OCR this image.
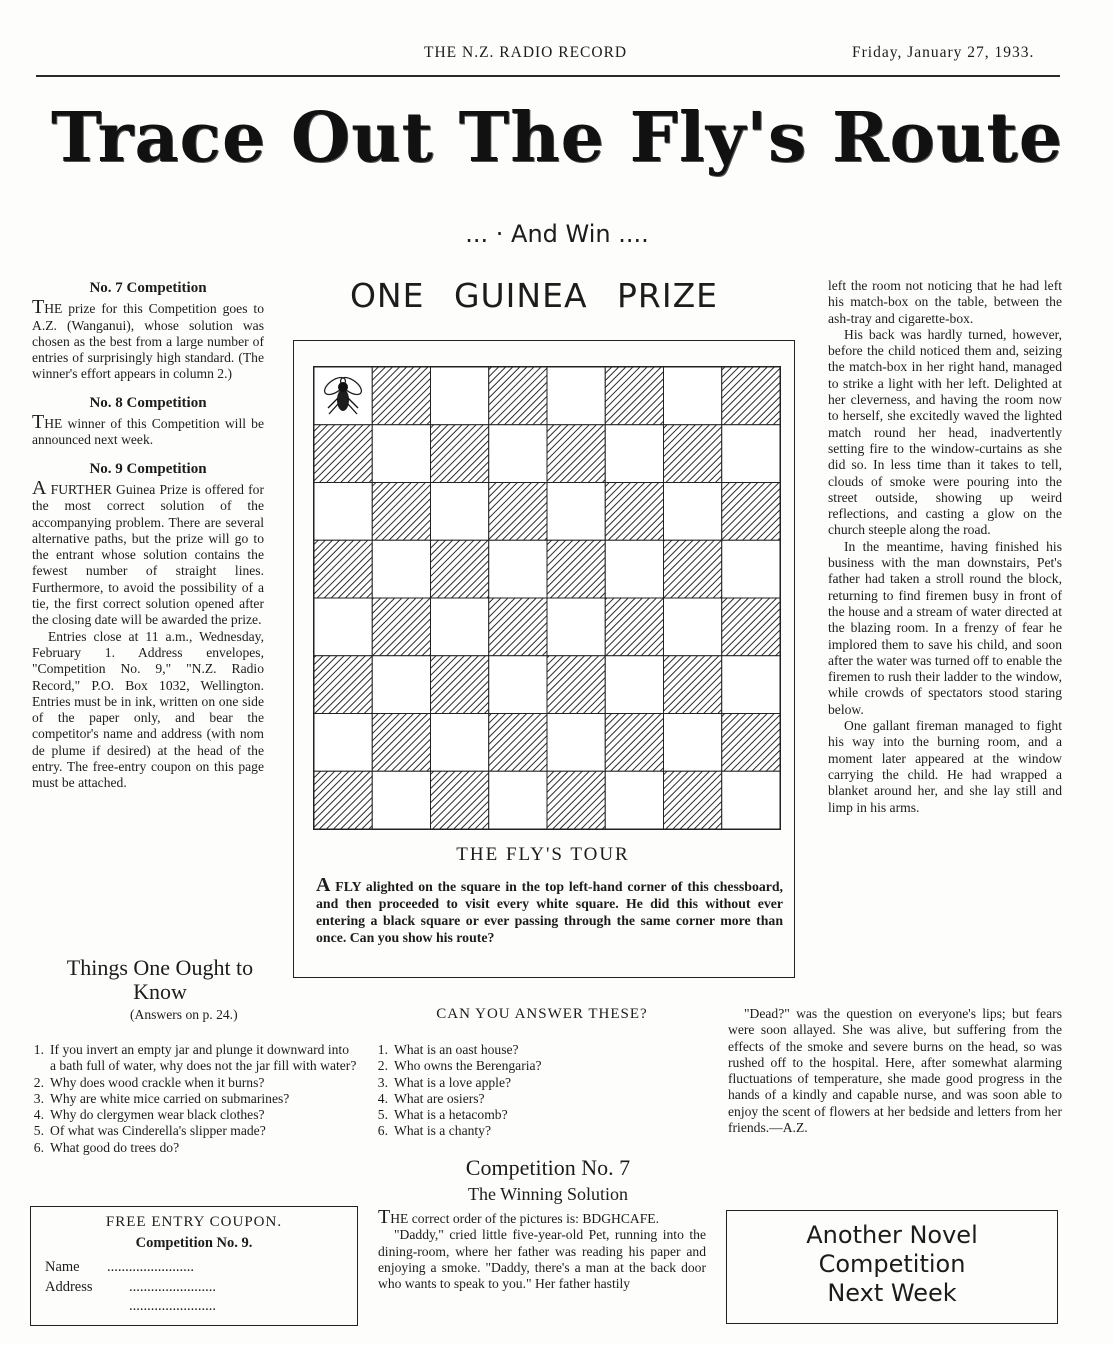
THE N.Z. RADIO RECORD	Friday, January 27, 1933.
Trace Out The Fly's Route
... · And Win ....

No. 7 Competition

THE prize for this Competition goes to A.Z. (Wanganui), whose solution was chosen as the best from a large number of entries of surprisingly high standard. (The winner's effort appears in column 2.)

No. 8 Competition

THE winner of this Competition will be announced next week.

No. 9 Competition

A FURTHER Guinea Prize is offered for the most correct solution of the accompanying problem. There are several alternative paths, but the prize will go to the entrant whose solution contains the fewest number of straight lines. Furthermore, to avoid the possibility of a tie, the first correct solution opened after the closing date will be awarded the prize.

Entries close at 11 a.m., Wednesday, February 1. Address envelopes, "Competition No. 9," "N.Z. Radio Record," P.O. Box 1032, Wellington. Entries must be in ink, written on one side of the paper only, and bear the competitor's name and address (with nom de plume if desired) at the head of the entry. The free-entry coupon on this page must be attached.

ONE GUINEA PRIZE
THE FLY'S TOUR
A FLY alighted on the square in the top left-hand corner of this chessboard, and then proceeded to visit every white square. He did this without ever entering a black square or ever passing through the same corner more than once. Can you show his route?
Things One Ought to
Know
(Answers on p. 24.)
1. If you invert an empty jar and plunge it downward into a bath full of water, why does not the jar fill with water?
2. Why does wood crackle when it burns?
3. Why are white mice carried on submarines?
4. Why do clergymen wear black clothes?
5. Of what was Cinderella's slipper made?
6. What good do trees do?
CAN YOU ANSWER THESE?
1. What is an oast house?
2. Who owns the Berengaria?
3. What is a love apple?
4. What are osiers?
5. What is a hetacomb?
6. What is a chanty?
Competition No. 7
The Winning Solution

THE correct order of the pictures is: BDGHCAFE.

"Daddy," cried little five-year-old Pet, running into the dining-room, where her father was reading his paper and enjoying a smoke. "Daddy, there's a man at the back door who wants to speak to you." Her father hastily

FREE ENTRY COUPON.
Competition No. 9.
Name	........................
Address	........................
........................

left the room not noticing that he had left his match-box on the table, between the ash-tray and cigarette-box.

His back was hardly turned, however, before the child noticed them and, seizing the match-box in her right hand, managed to strike a light with her left. Delighted at her cleverness, and having the room now to herself, she excitedly waved the lighted match round her head, inadvertently setting fire to the window-curtains as she did so. In less time than it takes to tell, clouds of smoke were pouring into the street outside, showing up weird reflections, and casting a glow on the church steeple along the road.

In the meantime, having finished his business with the man downstairs, Pet's father had taken a stroll round the block, returning to find firemen busy in front of the house and a stream of water directed at the blazing room. In a frenzy of fear he implored them to save his child, and soon after the water was turned off to enable the firemen to rush their ladder to the window, while crowds of spectators stood staring below.

One gallant fireman managed to fight his way into the burning room, and a moment later appeared at the window carrying the child. He had wrapped a blanket around her, and she lay still and limp in his arms.

"Dead?" was the question on everyone's lips; but fears were soon allayed. She was alive, but suffering from the effects of the smoke and severe burns on the head, so was rushed off to the hospital. Here, after somewhat alarming fluctuations of temperature, she made good progress in the hands of a kindly and capable nurse, and was soon able to enjoy the scent of flowers at her bedside and letters from her friends.—A.Z.

Another Novel
Competition
Next Week
